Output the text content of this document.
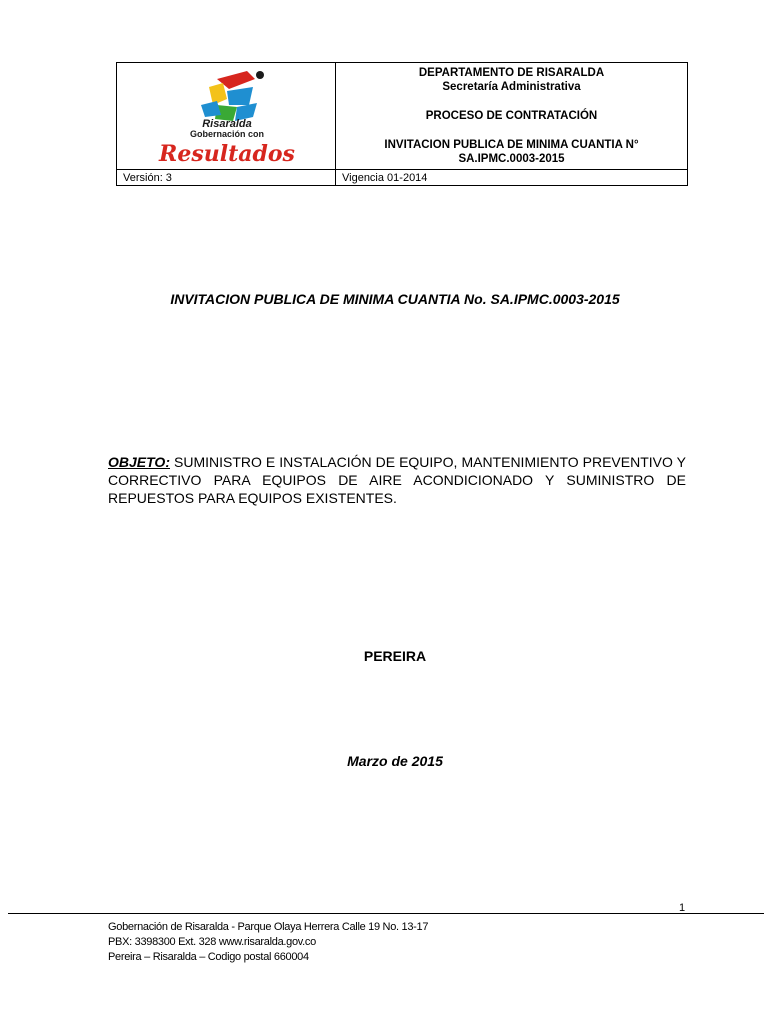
Risaralda
Gobernación con
Resultados
DEPARTAMENTO DE RISARALDA
Secretaría Administrativa
PROCESO DE CONTRATACIÓN
INVITACION PUBLICA DE MINIMA CUANTIA N°
SA.IPMC.0003-2015
Versión: 3	Vigencia 01-2014
INVITACION PUBLICA DE MINIMA CUANTIA No. SA.IPMC.0003-2015
OBJETO: SUMINISTRO E INSTALACIÓN DE EQUIPO, MANTENIMIENTO PREVENTIVO Y CORRECTIVO PARA EQUIPOS DE AIRE ACONDICIONADO Y SUMINISTRO DE REPUESTOS PARA EQUIPOS EXISTENTES.
PEREIRA
Marzo de 2015
1
Gobernación de Risaralda - Parque Olaya Herrera Calle 19 No. 13-17
PBX: 3398300 Ext. 328 www.risaralda.gov.co
Pereira – Risaralda – Codigo postal 660004
